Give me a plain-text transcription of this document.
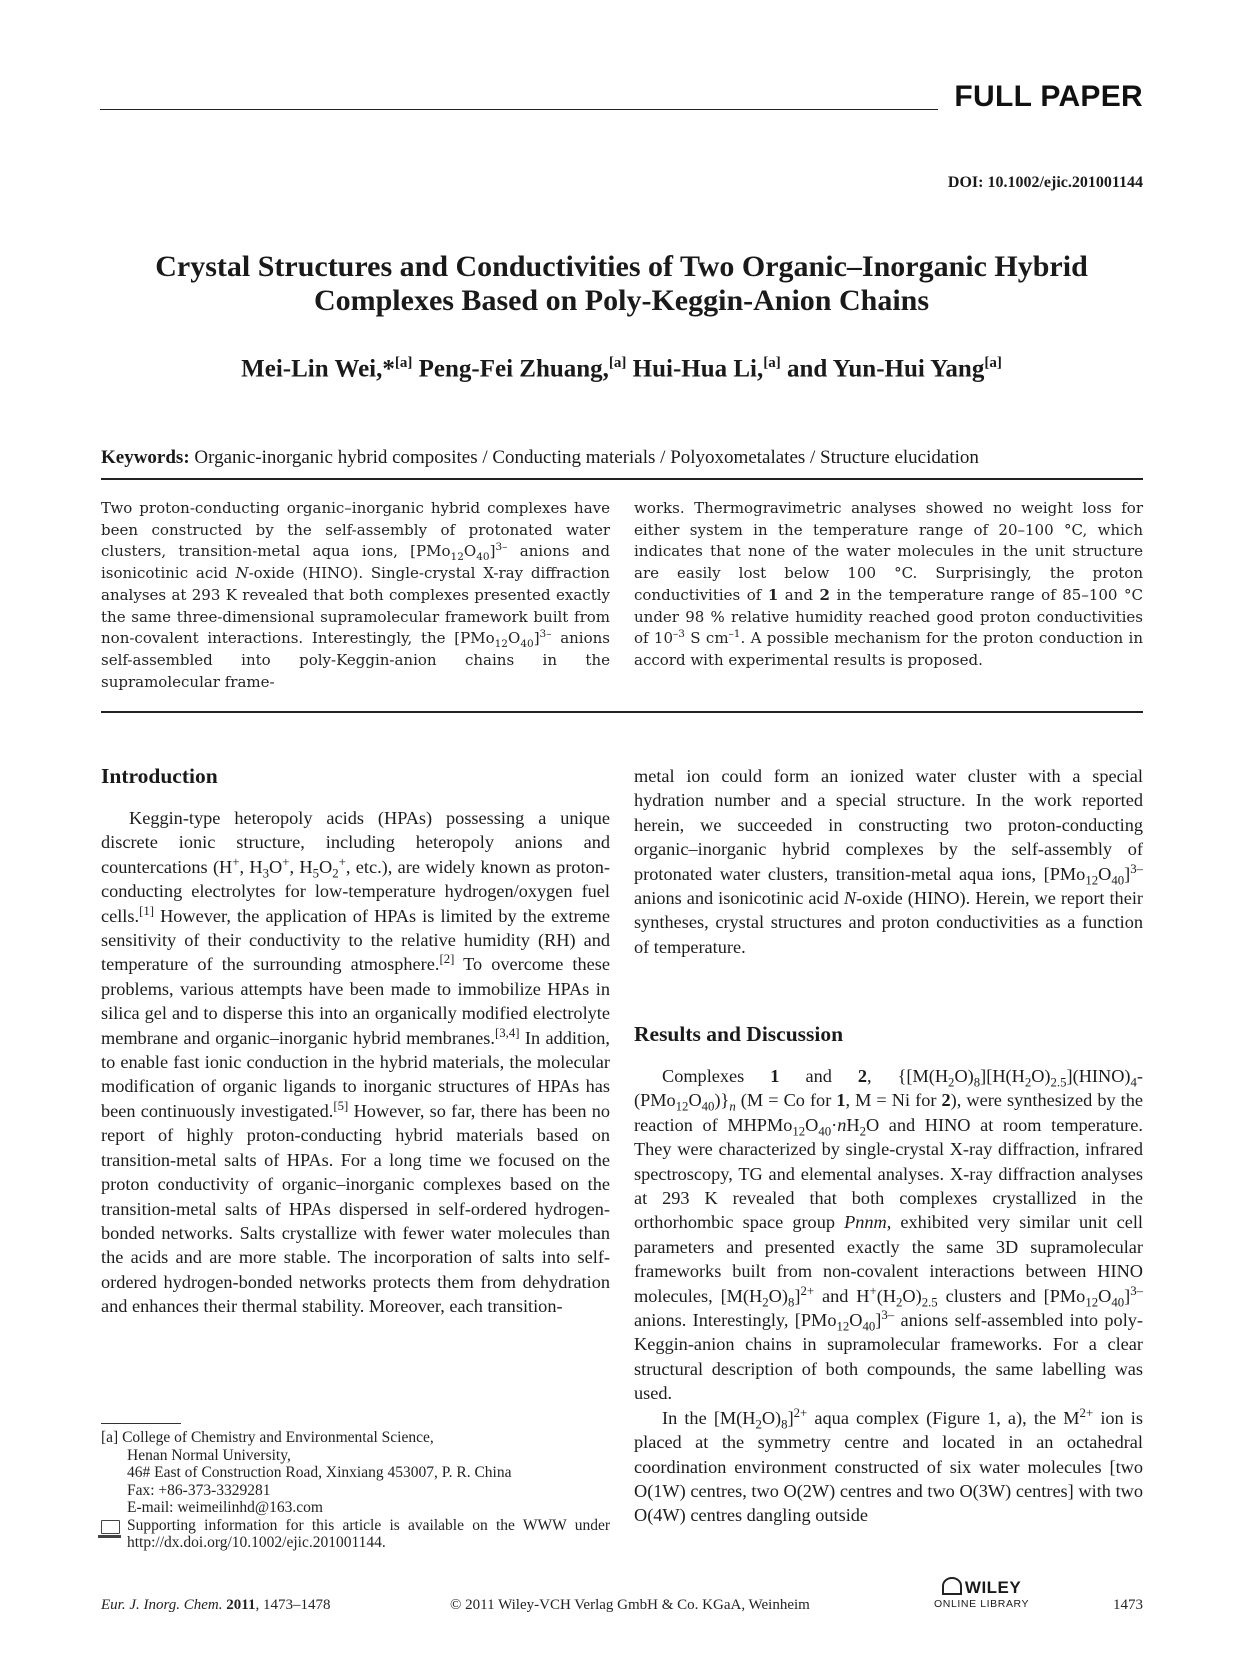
FULL PAPER
DOI: 10.1002/ejic.201001144
Crystal Structures and Conductivities of Two Organic–Inorganic Hybrid Complexes Based on Poly-Keggin-Anion Chains
Mei-Lin Wei,*[a] Peng-Fei Zhuang,[a] Hui-Hua Li,[a] and Yun-Hui Yang[a]
Keywords: Organic-inorganic hybrid composites / Conducting materials / Polyoxometalates / Structure elucidation
Two proton-conducting organic–inorganic hybrid complexes have been constructed by the self-assembly of protonated water clusters, transition-metal aqua ions, $[PMo_{12}O_{40}]^{3-}$ anions and isonicotinic acid N-oxide (HINO). Single-crystal X-ray diffraction analyses at 293 K revealed that both complexes presented exactly the same three-dimensional supramolecular framework built from non-covalent interactions. Interestingly, the $[PMo_{12}O_{40}]^{3-}$ anions self-assembled into poly-Keggin-anion chains in the supramolecular frame-
works. Thermogravimetric analyses showed no weight loss for either system in the temperature range of 20–100 °C, which indicates that none of the water molecules in the unit structure are easily lost below 100 °C. Surprisingly, the proton conductivities of 1 and 2 in the temperature range of 85–100 °C under 98 % relative humidity reached good proton conductivities of $10^{-3}$ S $cm^{-1}$. A possible mechanism for the proton conduction in accord with experimental results is proposed.
Introduction

Keggin-type heteropoly acids (HPAs) possessing a unique discrete ionic structure, including heteropoly anions and countercations (H+, $H_3O^+$, $H_5O_2^+$, etc.), are widely known as proton-conducting electrolytes for low-temperature hydrogen/oxygen fuel cells.[1] However, the application of HPAs is limited by the extreme sensitivity of their conductivity to the relative humidity (RH) and temperature of the surrounding atmosphere.[2] To overcome these problems, various attempts have been made to immobilize HPAs in silica gel and to disperse this into an organically modified electrolyte membrane and organic–inorganic hybrid membranes.[3,4] In addition, to enable fast ionic conduction in the hybrid materials, the molecular modification of organic ligands to inorganic structures of HPAs has been continuously investigated.[5] However, so far, there has been no report of highly proton-conducting hybrid materials based on transition-metal salts of HPAs. For a long time we focused on the proton conductivity of organic–inorganic complexes based on the transition-metal salts of HPAs dispersed in self-ordered hydrogen-bonded networks. Salts crystallize with fewer water molecules than the acids and are more stable. The incorporation of salts into self-ordered hydrogen-bonded networks protects them from dehydration and enhances their thermal stability. Moreover, each transition-

[a] College of Chemistry and Environmental Science,
Henan Normal University,
46# East of Construction Road, Xinxiang 453007, P. R. China
Fax: +86-373-3329281
E-mail: weimeilinhd@163.com
Supporting information for this article is available on the WWW under http://dx.doi.org/10.1002/ejic.201001144.

metal ion could form an ionized water cluster with a special hydration number and a special structure. In the work reported herein, we succeeded in constructing two proton-conducting organic–inorganic hybrid complexes by the self-assembly of protonated water clusters, transition-metal aqua ions, $[PMo_{12}O_{40}]^{3-}$ anions and isonicotinic acid N-oxide (HINO). Herein, we report their syntheses, crystal structures and proton conductivities as a function of temperature.

Results and Discussion

Complexes 1 and 2, $\{[M(H_2O)_8][H(H_2O)_{2.5}](HINO)_4-(PMo_{12}O_{40})\}_n$ (M = Co for 1, M = Ni for 2), were synthesized by the reaction of $MHPMo_{12}O_{40}\cdot nH_2O$ and HINO at room temperature. They were characterized by single-crystal X-ray diffraction, infrared spectroscopy, TG and elemental analyses. X-ray diffraction analyses at 293 K revealed that both complexes crystallized in the orthorhombic space group Pnnm, exhibited very similar unit cell parameters and presented exactly the same 3D supramolecular frameworks built from non-covalent interactions between HINO molecules, $[M(H_2O)_8]^{2+}$ and $H^+(H_2O)_{2.5}$ clusters and $[PMo_{12}O_{40}]^{3-}$ anions. Interestingly, $[PMo_{12}O_{40}]^{3-}$ anions self-assembled into poly-Keggin-anion chains in supramolecular frameworks. For a clear structural description of both compounds, the same labelling was used.

In the $[M(H_2O)_8]^{2+}$ aqua complex (Figure 1, a), the $M^{2+}$ ion is placed at the symmetry centre and located in an octahedral coordination environment constructed of six water molecules [two O(1W) centres, two O(2W) centres and two O(3W) centres] with two O(4W) centres dangling outside

Eur. J. Inorg. Chem. 2011, 1473–1478	© 2011 Wiley-VCH Verlag GmbH & Co. KGaA, Weinheim
WILEY
ONLINE LIBRARY	1473
